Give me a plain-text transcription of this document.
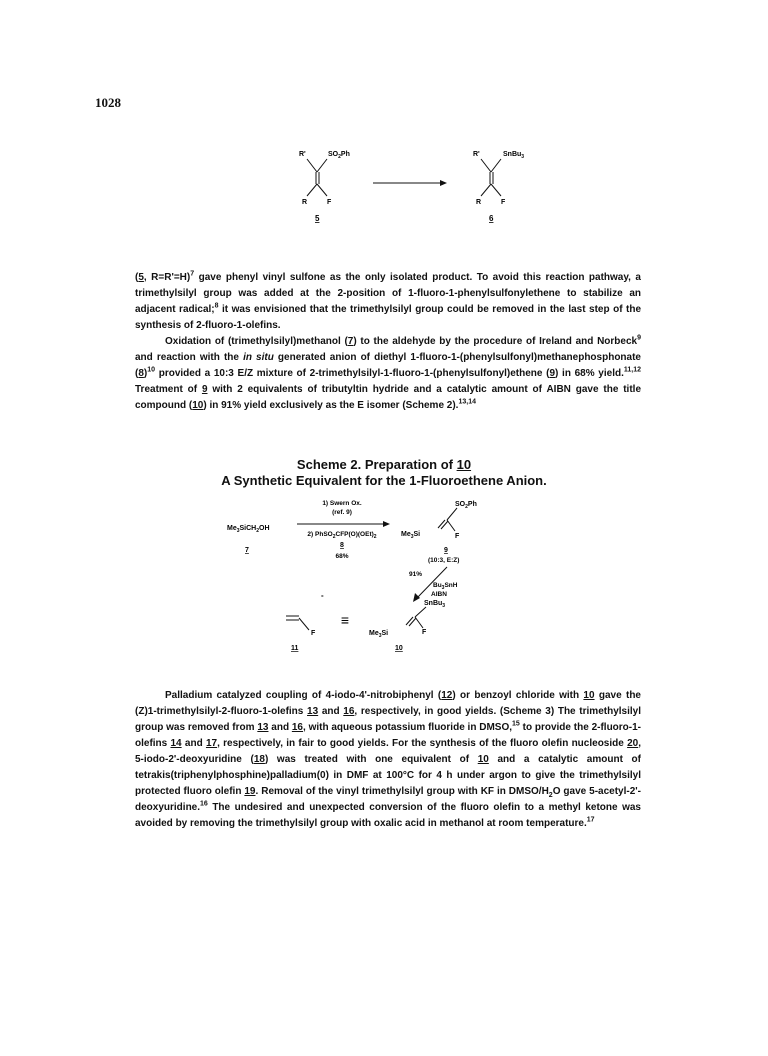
1028
R'	$SO_2Ph$
R	F
5
R'	SnBu$_3$
R	F
6

(5, R=R'=H)$^7$ gave phenyl vinyl sulfone as the only isolated product. To avoid this reaction pathway, a trimethylsilyl group was added at the 2-position of 1-fluoro-1-phenylsulfonylethene to stabilize an adjacent radical;$^8$ it was envisioned that the trimethylsilyl group could be removed in the last step of the synthesis of 2-fluoro-1-olefins.

Oxidation of (trimethylsilyl)methanol (7) to the aldehyde by the procedure of Ireland and Norbeck$^9$ and reaction with the in situ generated anion of diethyl 1-fluoro-1-(phenylsulfonyl)methanephosphonate $(8)^{10}$ provided a 10:3 E/Z mixture of 2-trimethylsilyl-1-fluoro-1-(phenylsulfonyl)ethene (9) in 68% yield.$^{11,12}$ Treatment of 9 with 2 equivalents of tributyltin hydride and a catalytic amount of AIBN gave the title compound (10) in 91% yield exclusively as the E isomer (Scheme 2).$^{13,14}$

Scheme 2. Preparation of 10
A Synthetic Equivalent for the 1-Fluoroethene Anion.
$Me_3SiCH_2OH$
7
1) Swern Ox.
(ref. 9)
2) $PhSO_2CFP(O)(OEt)_2$
8
68%
$SO_2Ph$
$Me_3Si$	F
9
(10:3, E:Z)
91%
$Bu_3SnH$
AIBN
SnBu$_3$
$Me_3Si$	F
10
≡
-
F
11

Palladium catalyzed coupling of 4-iodo-4'-nitrobiphenyl (12) or benzoyl chloride with 10 gave the (Z)1-trimethylsilyl-2-fluoro-1-olefins 13 and 16, respectively, in good yields. (Scheme 3) The trimethylsilyl group was removed from 13 and 16, with aqueous potassium fluoride in DMSO,$^{15}$ to provide the 2-fluoro-1-olefins 14 and 17, respectively, in fair to good yields. For the synthesis of the fluoro olefin nucleoside 20, 5-iodo-2'-deoxyuridine (18) was treated with one equivalent of 10 and a catalytic amount of tetrakis(triphenylphosphine)palladium(0) in DMF at 100°C for 4 h under argon to give the trimethylsilyl protected fluoro olefin 19. Removal of the vinyl trimethylsilyl group with KF in DMSO/$H_2O$ gave 5-acetyl-2'-deoxyuridine.$^{16}$ The undesired and unexpected conversion of the fluoro olefin to a methyl ketone was avoided by removing the trimethylsilyl group with oxalic acid in methanol at room temperature.$^{17}$
